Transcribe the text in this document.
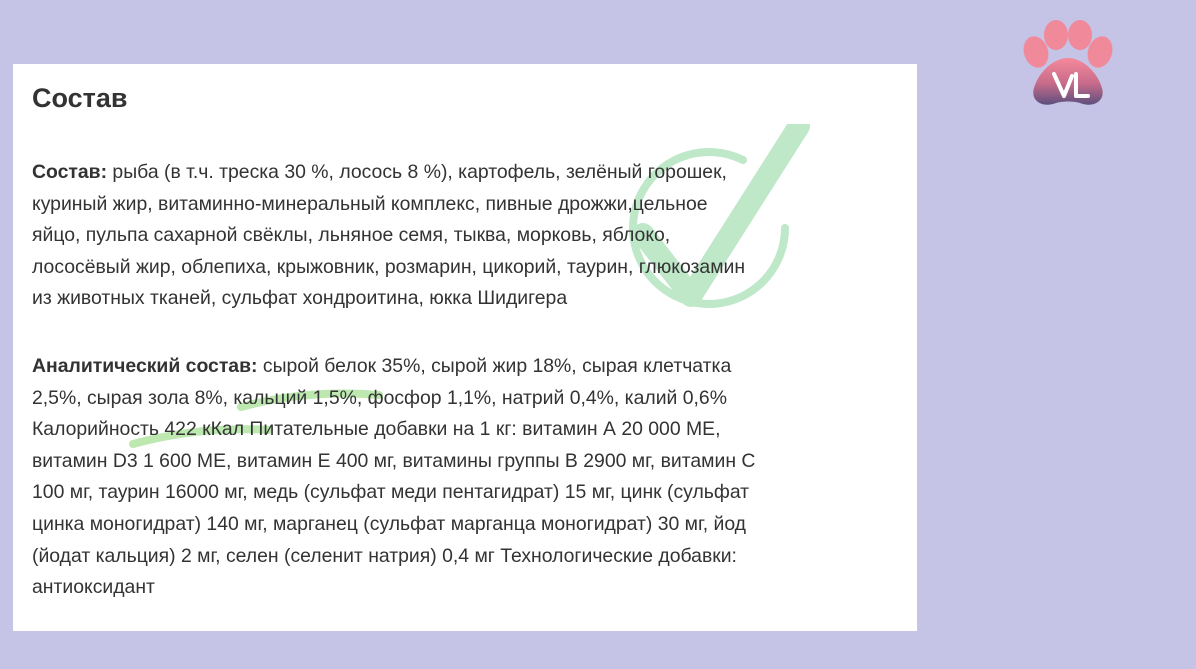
Состав

Состав: рыба (в т.ч. треска 30 %, лосось 8 %), картофель, зелёный горошек,
куриный жир, витаминно-минеральный комплекс, пивные дрожжи,цельное
яйцо, пульпа сахарной свёклы, льняное семя, тыква, морковь, яблоко,
лососёвый жир, облепиха, крыжовник, розмарин, цикорий, таурин, глюкозамин
из животных тканей, сульфат хондроитина, юкка Шидигера

Аналитический состав: сырой белок 35%, сырой жир 18%, сырая клетчатка
2,5%, сырая зола 8%, кальций 1,5%, фосфор 1,1%, натрий 0,4%, калий 0,6%
Калорийность 422 кКал Питательные добавки на 1 кг: витамин А 20 000 МЕ,
витамин D3 1 600 МЕ, витамин Е 400 мг, витамины группы В 2900 мг, витамин С
100 мг, таурин 16000 мг, медь (сульфат меди пентагидрат) 15 мг, цинк (сульфат
цинка моногидрат) 140 мг, марганец (сульфат марганца моногидрат) 30 мг, йод
(йодат кальция) 2 мг, селен (селенит натрия) 0,4 мг Технологические добавки:
антиоксидант
